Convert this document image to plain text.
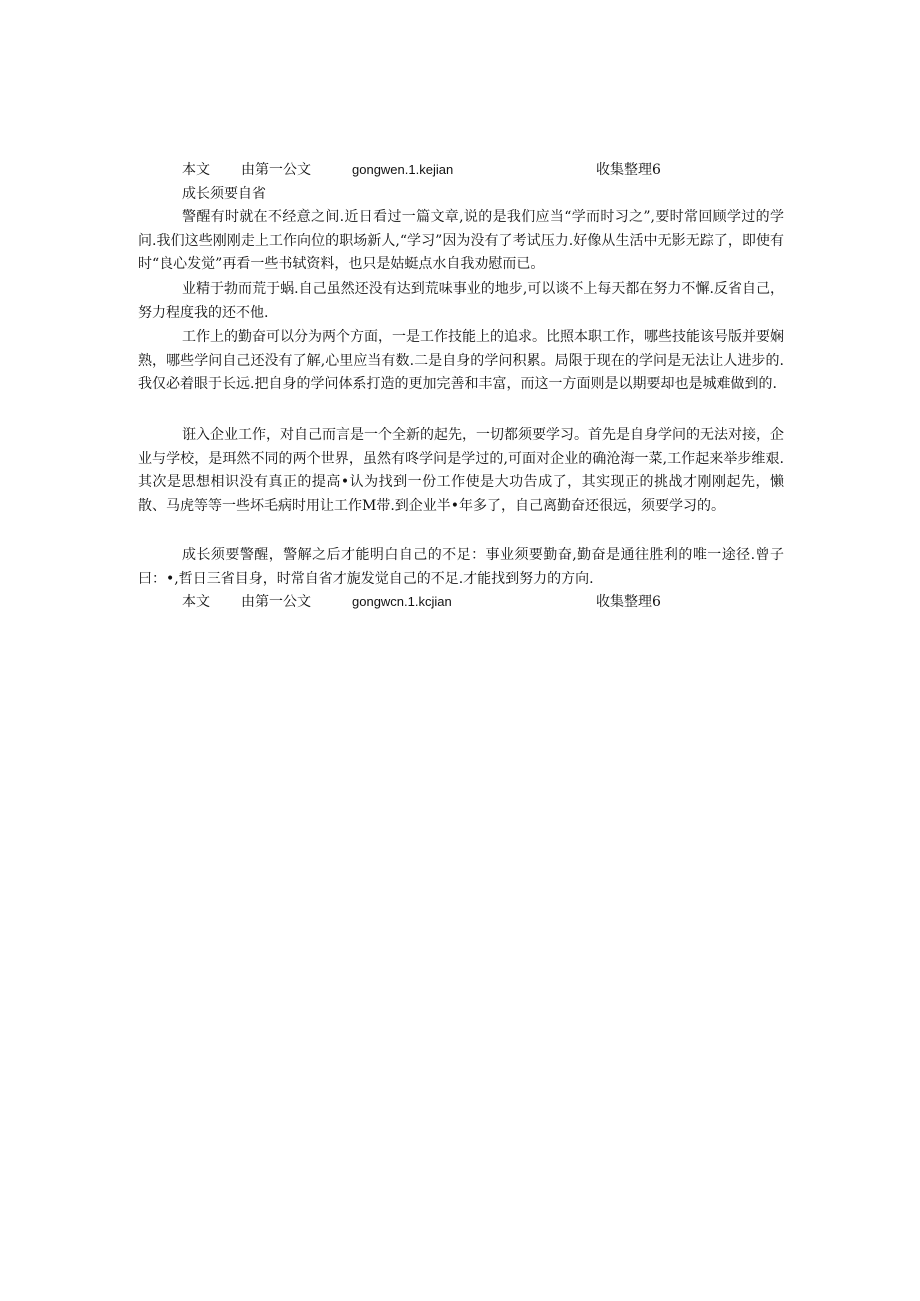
本文 由第一公文	gongwen.1.kejian	收集整理6
成长须要自省
警醒有时就在不经意之间.近日看过一篇文章,说的是我们应当“学而时习之”,要时常回顾学过的学问.我们这些刚刚走上工作向位的职场新人,“学习”因为没有了考试压力.好像从生活中无影无踪了，即使有时“良心发觉”再看一些书轼资料，也只是姑蜓点水自我劝慰而已。
业精于勃而荒于蜗.自己虽然还没有达到荒味事业的地步,可以谈不上每天都在努力不懈.反省自己，努力程度我的还不他.
工作上的勤奋可以分为两个方面，一是工作技能上的追求。比照本职工作，哪些技能该号版并要娴熟，哪些学问自己还没有了解,心里应当有数.二是自身的学问积累。局限于现在的学问是无法让人进步的.我仅必着眼于长远.把自身的学问体系打造的更加完善和丰富，而这一方面则是以期要却也是城难做到的.
诳入企业工作，对自己而言是一个全新的起先，一切都须要学习。首先是自身学问的无法对接，企业与学校，是珥然不同的两个世界，虽然有咚学问是学过的,可面对企业的确沧海一菜,工作起来举步维艰.其次是思想相识没有真正的提高•认为找到一份工作使是大功告成了，其实现正的挑战才刚刚起先，懒散、马虎等等一些坏毛病时用让工作M带.到企业半•年多了，自己离勤奋还很远，须要学习的。
成长须要警醒，警解之后才能明白自己的不足：事业须要勤奋,勤奋是通往胜利的唯一途径.曾子曰：•,哲日三省目身，时常自省才旎发觉自己的不足.才能找到努力的方向.
本文 由第一公文	gongwcn.1.kcjian	收集整理6
